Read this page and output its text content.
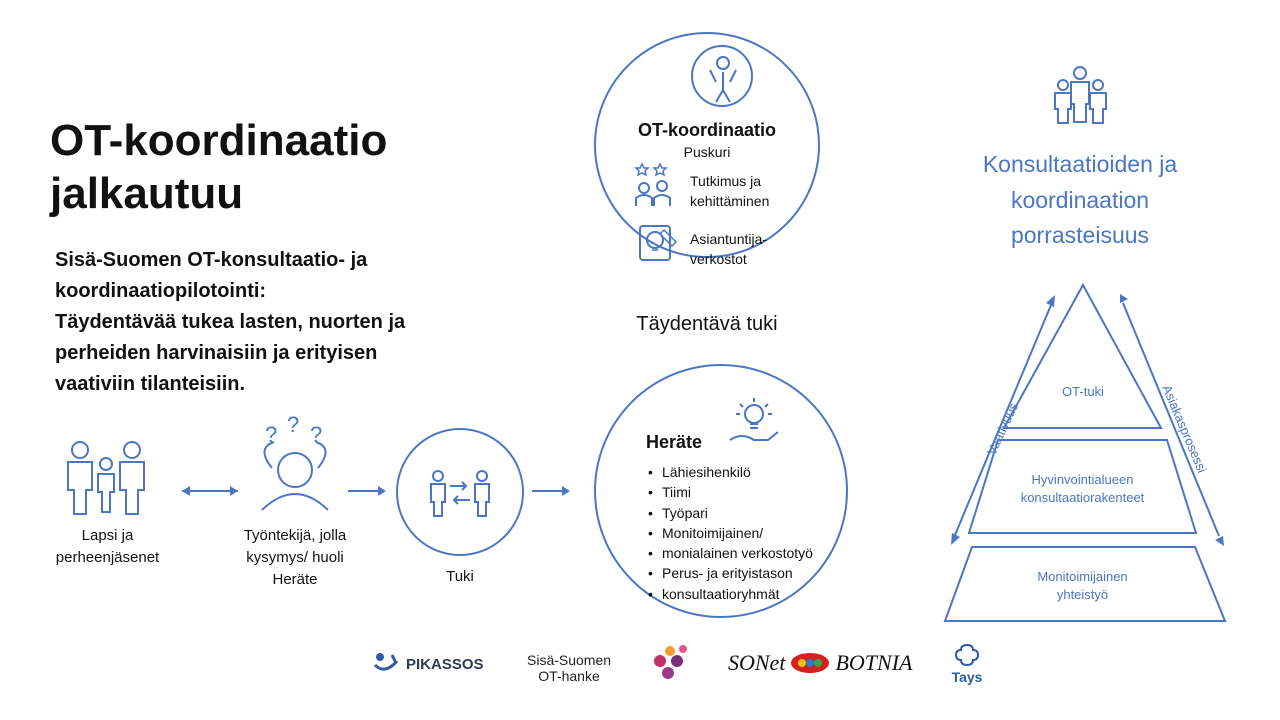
OT-koordinaatio
jalkautuu
Sisä-Suomen OT-konsultaatio- ja
koordinaatiopilotointi:
Täydentävää tukea lasten, nuorten ja
perheiden harvinaisiin ja erityisen
vaativiin tilanteisiin.
? ? ?
Lapsi ja
perheenjäsenet
Työntekijä, jolla
kysymys/ huoli
Heräte	Tuki
OT-koordinaatio
Puskuri
Tutkimus ja
kehittäminen
Asiantuntija-
verkostot
Täydentävä tuki
Heräte
• Lähiesihenkilö
• Tiimi
• Työpari
• Monitoimijainen/
• monialainen verkostotyö
• Perus- ja erityistason
• konsultaatioryhmät
Konsultaatioiden ja
koordinaation
porrasteisuus
OT-tuki
Hyvinvointialueen
konsultaatiorakenteet
Monitoimijainen
yhteistyö
Vaativuus	Asiakasprosessi
PIKASSOS	Sisä-Suomen
OT-hanke
SONet BOTNIA
Tays
